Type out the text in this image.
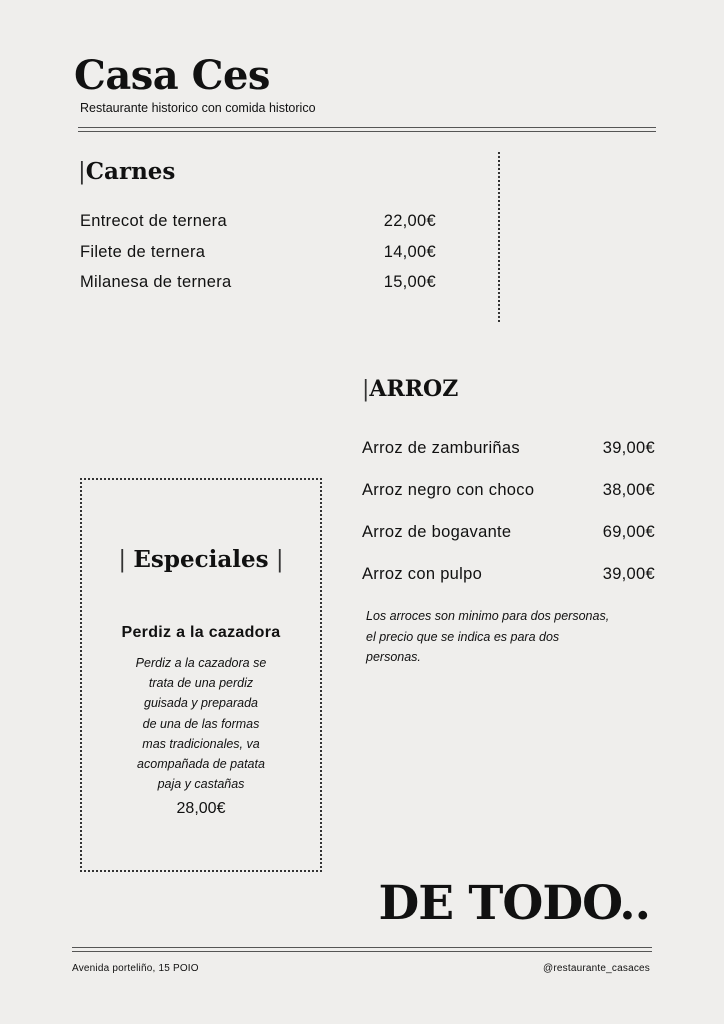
Casa Ces
Restaurante historico con comida historico
|Carnes
Entrecot de ternera	22,00€
Filete de ternera	14,00€
Milanesa de ternera	15,00€
|ARROZ
Arroz de zamburiñas	39,00€
Arroz negro con choco	38,00€
Arroz de bogavante	69,00€
Arroz con pulpo	39,00€
Los arroces son minimo para dos personas,
el precio que se indica es para dos
personas.
| Especiales |
Perdiz a la cazadora
Perdiz a la cazadora se
trata de una perdiz
guisada y preparada
de una de las formas
mas tradicionales, va
acompañada de patata
paja y castañas
28,00€
DE TODO..
Avenida porteliño, 15 POIO	@restaurante_casaces
